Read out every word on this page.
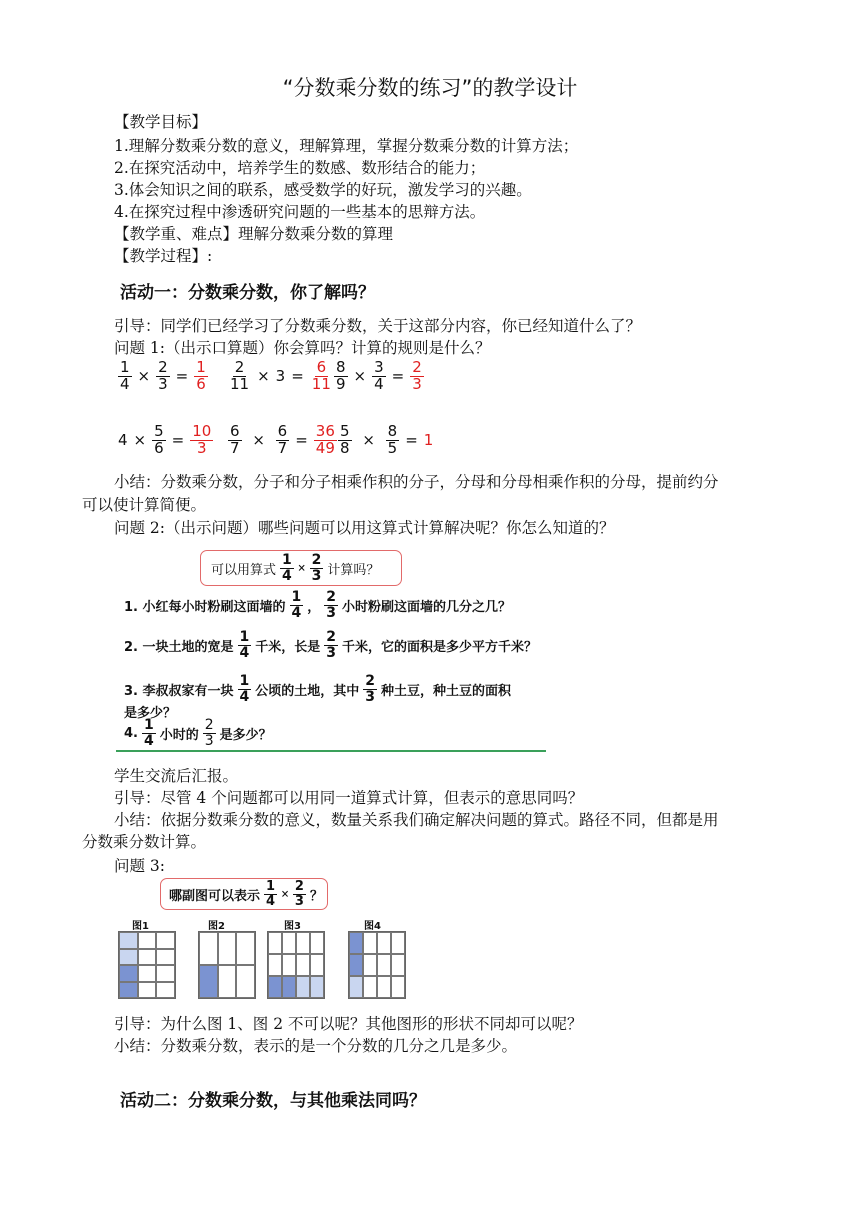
“分数乘分数的练习”的教学设计
【教学目标】
1.理解分数乘分数的意义，理解算理，掌握分数乘分数的计算方法；
2.在探究活动中，培养学生的数感、数形结合的能力；
3.体会知识之间的联系，感受数学的好玩，激发学习的兴趣。
4.在探究过程中渗透研究问题的一些基本的思辩方法。
【教学重、难点】理解分数乘分数的算理
【教学过程】:
活动一：分数乘分数，你了解吗？
引导：同学们已经学习了分数乘分数，关于这部分内容，你已经知道什么了？
问题 1:（出示口算题）你会算吗？计算的规则是什么？
$\frac{1}{4} \times \frac{2}{3} = \frac{1}{6} \frac{2}{11} \times 3 = \frac{6}{11} \frac{8}{9} \times \frac{3}{4} = \frac{2}{3}$
$4 \times \frac{5}{6} = \frac{10}{3} \frac{6}{7} \times \frac{6}{7} = \frac{36}{49} \frac{5}{8} \times \frac{8}{5} = 1$
小结：分数乘分数，分子和分子相乘作积的分子，分母和分母相乘作积的分母，提前约分
可以使计算简便。
问题 2:（出示问题）哪些问题可以用这算式计算解决呢？你怎么知道的？
可以用算式 $\frac{1}{4} \times \frac{2}{3}$ 计算吗？
1. 小红每小时粉刷这面墙的 $\frac{1}{4}$ ， $\frac{2}{3}$ 小时粉刷这面墙的几分之几？
2. 一块土地的宽是 $\frac{1}{4}$ 千米，长是 $\frac{2}{3}$ 千米，它的面积是多少平方千米？
3. 李叔叔家有一块 $\frac{1}{4}$ 公顷的土地，其中 $\frac{2}{3}$ 种土豆，种土豆的面积
是多少？
4. $\frac{1}{4}$ 小时的 $\frac{2}{3}$ 是多少？
学生交流后汇报。
引导：尽管 4 个问题都可以用同一道算式计算，但表示的意思同吗？
小结：依据分数乘分数的意义，数量关系我们确定解决问题的算式。路径不同，但都是用
分数乘分数计算。
问题 3:
哪副图可以表示 $\frac{1}{4} \times \frac{2}{3}$ ？
图1	图2	图3	图4
引导：为什么图 1、图 2 不可以呢？其他图形的形状不同却可以呢？
小结：分数乘分数，表示的是一个分数的几分之几是多少。
活动二：分数乘分数，与其他乘法同吗？
